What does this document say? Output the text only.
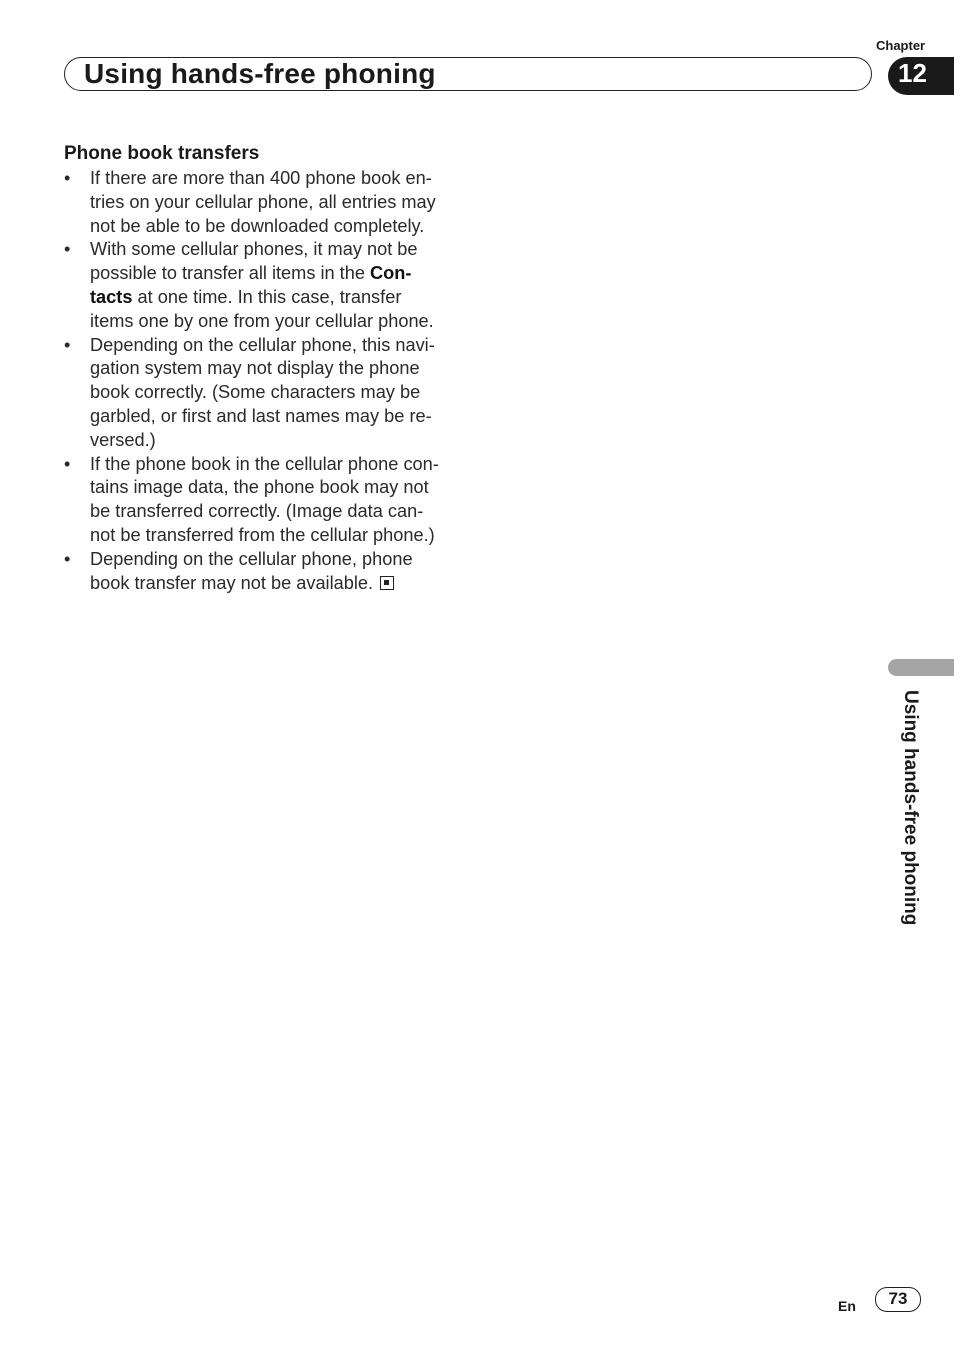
Chapter
Using hands-free phoning	12
Phone book transfers
• If there are more than 400 phone book en-
tries on your cellular phone, all entries may
not be able to be downloaded completely.
• With some cellular phones, it may not be
possible to transfer all items in the Con-
tacts at one time. In this case, transfer
items one by one from your cellular phone.
• Depending on the cellular phone, this navi-
gation system may not display the phone
book correctly. (Some characters may be
garbled, or first and last names may be re-
versed.)
• If the phone book in the cellular phone con-
tains image data, the phone book may not
be transferred correctly. (Image data can-
not be transferred from the cellular phone.)
• Depending on the cellular phone, phone
book transfer may not be available.
Using hands-free phoning
En	73
